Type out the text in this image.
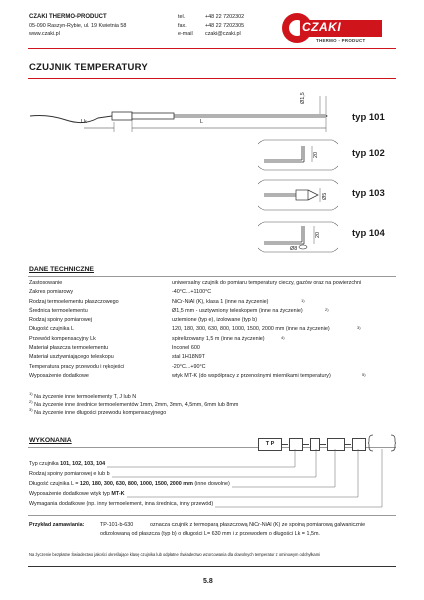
CZAKI THERMO-PRODUCT
05-090 Raszyn-Rybie, ul. 19 Kwietnia 58
www.czaki.pl
tel.	+48 22 7202302
fax.	+48 22 7202305
e-mail czaki@czaki.pl	CZAKI
THERMO - PRODUCT
CZUJNIK TEMPERATURY
Lk	L
Ø1,5
typ 101
20	typ 102
Ø5	typ 103
20
Ø8
typ 104
DANE TECHNICZNE
Zastosowanie	uniwersalny czujnik do pomiaru temperatury cieczy, gazów oraz na powierzchni
Zakres pomiarowy	-40°C...+1100°C
Rodzaj termoelementu płaszczowego	NiCr-NiAl (K), klasa 1 (inne na życzenie)	1)
Średnica termoelementu	Ø1,5 mm - usztywniony teleskopem (inne na życzenie)	2)
Rodzaj spoiny pomiarowej	uziemione (typ e), izolowane (typ b)
Długość czujnika L	120, 180, 300, 630, 800, 1000, 1500, 2000 mm (inne na życzenie)	3)
Przewód kompensacyjny Lk	spirelizowany 1,5 m (inne na życzenie)	4)
Materiał płaszcza termoelementu	Inconel 600
Materiał usztywniającego teleskopu	stal 1H18N9T
Temperatura pracy przewodu i rękojeści	-20°C...+90°C
Wyposażenie dodatkowe	wtyk MT-K (do współpracy z przenośnymi miernikami temperatury)	5)
$^{1)}$ Na życzenie inne termoelementy T, J lub N
$^{2)}$ Na życzenie inne średnice termoelementów 1mm, 2mm, 3mm, 4,5mm, 6mm lub 8mm
$^{3)}$ Na życzenie inne długości przewodu kompensacyjnego
WYKONANIA	T P
Typ czujnika 101, 102, 103, 104
Rodzaj spoiny pomiarowej e lub b
Długość czujnika L = 120, 180, 300, 630, 800, 1000, 1500, 2000 mm (inne dowolne)
Wyposażenie dodatkowe wtyk typ MT-K
Wymagania dodatkowe (np. inny termoelement, inna średnica, inny przewód)
Przykład zamawiania:	TP-101-b-630	oznacza czujnik z termoparą płaszczową NiCr-NiAl (K) ze spoiną pomiarową galwanicznie
odizolowaną od płaszcza (typ b) o długości L= 630 mm i z przewodem o długości Lk = 1,5m.
Na życzenie bezpłatne Świadectwo jakości określające klasę czujnika lub odpłatne Świadectwo wzorcowania dla dowolnych temperatur z ominowym odchyłkami
5.8
